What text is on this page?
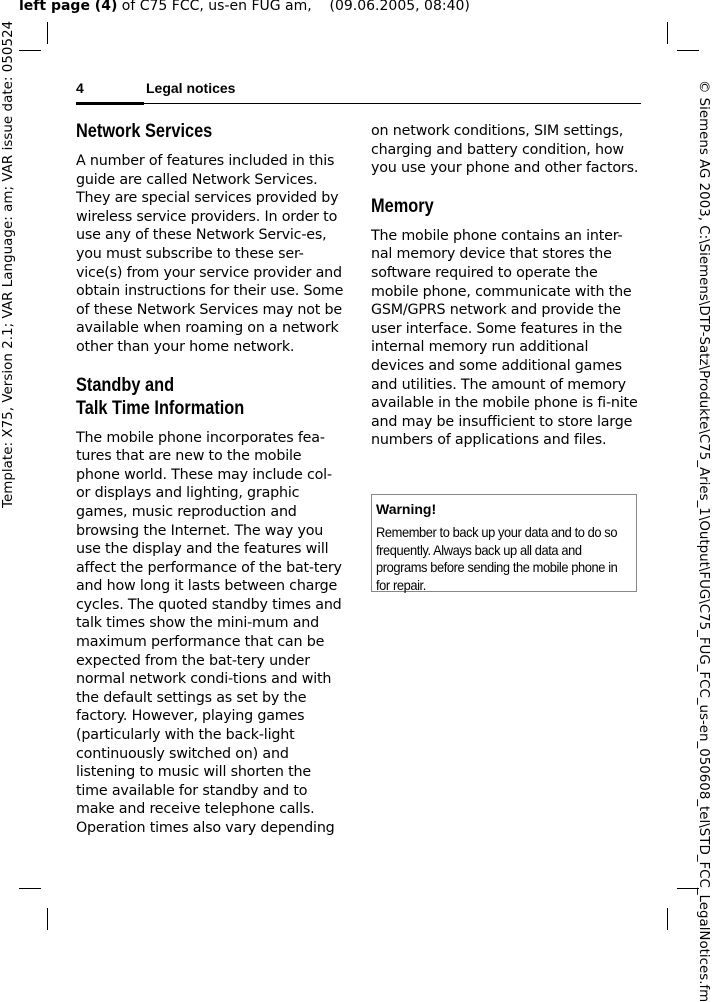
left page (4) of C75 FCC, us-en FUG am,    (09.06.2005, 08:40)
Template: X75, Version 2.1; VAR Language: am; VAR issue date: 050524	© Siemens AG 2003, C:\Siemens\DTP-Satz\Produkte\C75_Aries_1\Output\FUG\C75_FUG_FCC_us-en_050608_tel\STD_FCC_LegalNotices.fm
4	Legal notices
Network Services

A number of features included in this guide are called Network Services. They are special services provided by wireless service providers. In order to use any of these Network Servic-es, you must subscribe to these ser-vice(s) from your service provider and obtain instructions for their use. Some of these Network Services may not be available when roaming on a network other than your home network.

Standby and
Talk Time Information

The mobile phone incorporates fea-tures that are new to the mobile phone world. These may include col-or displays and lighting, graphic games, music reproduction and browsing the Internet. The way you use the display and the features will affect the performance of the bat-tery and how long it lasts between charge cycles. The quoted standby times and talk times show the mini-mum and maximum performance that can be expected from the bat-tery under normal network condi-tions and with the default settings as set by the factory. However, playing games (particularly with the back-light continuously switched on) and listening to music will shorten the time available for standby and to make and receive telephone calls. Operation times also vary depending

on network conditions, SIM settings, charging and battery condition, how you use your phone and other factors.

Memory

The mobile phone contains an inter-nal memory device that stores the software required to operate the mobile phone, communicate with the GSM/GPRS network and provide the user interface. Some features in the internal memory run additional devices and some additional games and utilities. The amount of memory available in the mobile phone is fi-nite and may be insufficient to store large numbers of applications and files.

Warning!
Remember to back up your data and to do so frequently. Always back up all data and programs before sending the mobile phone in for repair.
